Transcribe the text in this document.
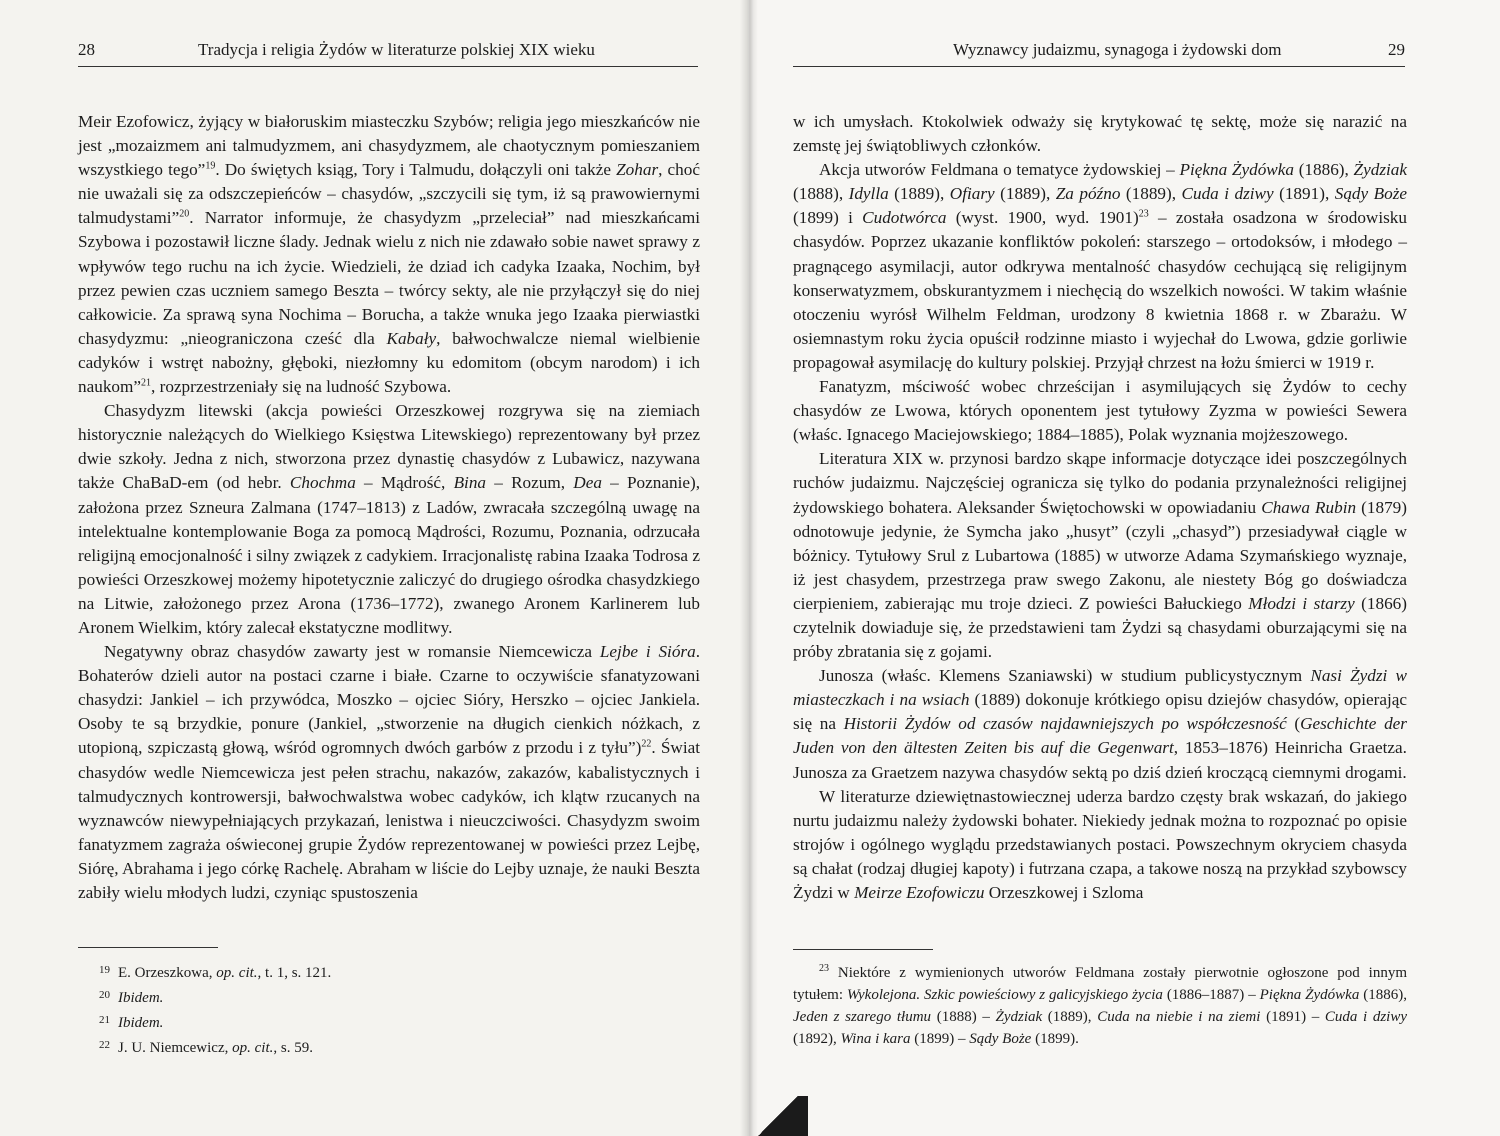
28	Tradycja i religia Żydów w literaturze polskiej XIX wieku

Meir Ezofowicz, żyjący w białoruskim miasteczku Szybów; religia jego mieszkańców nie jest „mozaizmem ani talmudyzmem, ani chasydyzmem, ale chaotycznym pomieszaniem wszystkiego tego”$^{19}$. Do świętych ksiąg, Tory i Talmudu, dołączyli oni także Zohar, choć nie uważali się za odszczepieńców – chasydów, „szczycili się tym, iż są prawowiernymi talmudystami”$^{20}$. Narrator informuje, że chasydyzm „przeleciał” nad mieszkańcami Szybowa i pozostawił liczne ślady. Jednak wielu z nich nie zdawało sobie nawet sprawy z wpływów tego ruchu na ich życie. Wiedzieli, że dziad ich cadyka Izaaka, Nochim, był przez pewien czas uczniem samego Beszta – twórcy sekty, ale nie przyłączył się do niej całkowicie. Za sprawą syna Nochima – Borucha, a także wnuka jego Izaaka pierwiastki chasydyzmu: „nieograniczona cześć dla Kabały, bałwochwalcze niemal wielbienie cadyków i wstręt nabożny, głęboki, niezłomny ku edomitom (obcym narodom) i ich naukom”$^{21}$, rozprzestrzeniały się na ludność Szybowa.

Chasydyzm litewski (akcja powieści Orzeszkowej rozgrywa się na ziemiach historycznie należących do Wielkiego Księstwa Litewskiego) reprezentowany był przez dwie szkoły. Jedna z nich, stworzona przez dynastię chasydów z Lubawicz, nazywana także ChaBaD-em (od hebr. Chochma – Mądrość, Bina – Rozum, Dea – Poznanie), założona przez Szneura Zalmana (1747–1813) z Ladów, zwracała szczególną uwagę na intelektualne kontemplowanie Boga za pomocą Mądrości, Rozumu, Poznania, odrzucała religijną emocjonalność i silny związek z cadykiem. Irracjonalistę rabina Izaaka Todrosa z powieści Orzeszkowej możemy hipotetycznie zaliczyć do drugiego ośrodka chasydzkiego na Litwie, założonego przez Arona (1736–1772), zwanego Aronem Karlinerem lub Aronem Wielkim, który zalecał ekstatyczne modlitwy.

Negatywny obraz chasydów zawarty jest w romansie Niemcewicza Lejbe i Sióra. Bohaterów dzieli autor na postaci czarne i białe. Czarne to oczywiście sfanatyzowani chasydzi: Jankiel – ich przywódca, Moszko – ojciec Sióry, Herszko – ojciec Jankiela. Osoby te są brzydkie, ponure (Jankiel, „stworzenie na długich cienkich nóżkach, z utopioną, szpiczastą głową, wśród ogromnych dwóch garbów z przodu i z tyłu”)$^{22}$. Świat chasydów wedle Niemcewicza jest pełen strachu, nakazów, zakazów, kabalistycznych i talmudycznych kontrowersji, bałwochwalstwa wobec cadyków, ich klątw rzucanych na wyznawców niewypełniających przykazań, lenistwa i nieuczciwości. Chasydyzm swoim fanatyzmem zagraża oświeconej grupie Żydów reprezentowanej w powieści przez Lejbę, Siórę, Abrahama i jego córkę Rachelę. Abraham w liście do Lejby uznaje, że nauki Beszta zabiły wielu młodych ludzi, czyniąc spustoszenia

19 E. Orzeszkowa, op. cit., t. 1, s. 121.
20 Ibidem.
21 Ibidem.
22 J. U. Niemcewicz, op. cit., s. 59.
Wyznawcy judaizmu, synagoga i żydowski dom	29

w ich umysłach. Ktokolwiek odważy się krytykować tę sektę, może się narazić na zemstę jej świątobliwych członków.

Akcja utworów Feldmana o tematyce żydowskiej – Piękna Żydówka (1886), Żydziak (1888), Idylla (1889), Ofiary (1889), Za późno (1889), Cuda i dziwy (1891), Sądy Boże (1899) i Cudotwórca (wyst. 1900, wyd. 1901)$^{23}$ – została osadzona w środowisku chasydów. Poprzez ukazanie konfliktów pokoleń: starszego – ortodoksów, i młodego – pragnącego asymilacji, autor odkrywa mentalność chasydów cechującą się religijnym konserwatyzmem, obskurantyzmem i niechęcią do wszelkich nowości. W takim właśnie otoczeniu wyrósł Wilhelm Feldman, urodzony 8 kwietnia 1868 r. w Zbarażu. W osiemnastym roku życia opuścił rodzinne miasto i wyjechał do Lwowa, gdzie gorliwie propagował asymilację do kultury polskiej. Przyjął chrzest na łożu śmierci w 1919 r.

Fanatyzm, mściwość wobec chrześcijan i asymilujących się Żydów to cechy chasydów ze Lwowa, których oponentem jest tytułowy Zyzma w powieści Sewera (właśc. Ignacego Maciejowskiego; 1884–1885), Polak wyznania mojżeszowego.

Literatura XIX w. przynosi bardzo skąpe informacje dotyczące idei poszczególnych ruchów judaizmu. Najczęściej ogranicza się tylko do podania przynależności religijnej żydowskiego bohatera. Aleksander Świętochowski w opowiadaniu Chawa Rubin (1879) odnotowuje jedynie, że Symcha jako „husyt” (czyli „chasyd”) przesiadywał ciągle w bóżnicy. Tytułowy Srul z Lubartowa (1885) w utworze Adama Szymańskiego wyznaje, iż jest chasydem, przestrzega praw swego Zakonu, ale niestety Bóg go doświadcza cierpieniem, zabierając mu troje dzieci. Z powieści Bałuckiego Młodzi i starzy (1866) czytelnik dowiaduje się, że przedstawieni tam Żydzi są chasydami oburzającymi się na próby zbratania się z gojami.

Junosza (właśc. Klemens Szaniawski) w studium publicystycznym Nasi Żydzi w miasteczkach i na wsiach (1889) dokonuje krótkiego opisu dziejów chasydów, opierając się na Historii Żydów od czasów najdawniejszych po współczesność (Geschichte der Juden von den ältesten Zeiten bis auf die Gegenwart, 1853–1876) Heinricha Graetza. Junosza za Graetzem nazywa chasydów sektą po dziś dzień kroczącą ciemnymi drogami.

W literaturze dziewiętnastowiecznej uderza bardzo częsty brak wskazań, do jakiego nurtu judaizmu należy żydowski bohater. Niekiedy jednak można to rozpoznać po opisie strojów i ogólnego wyglądu przedstawianych postaci. Powszechnym okryciem chasyda są chałat (rodzaj długiej kapoty) i futrzana czapa, a takowe noszą na przykład szybowscy Żydzi w Meirze Ezofowiczu Orzeszkowej i Szloma

$^{23}$ Niektóre z wymienionych utworów Feldmana zostały pierwotnie ogłoszone pod innym tytułem: Wykolejona. Szkic powieściowy z galicyjskiego życia (1886–1887) – Piękna Żydówka (1886), Jeden z szarego tłumu (1888) – Żydziak (1889), Cuda na niebie i na ziemi (1891) – Cuda i dziwy (1892), Wina i kara (1899) – Sądy Boże (1899).
